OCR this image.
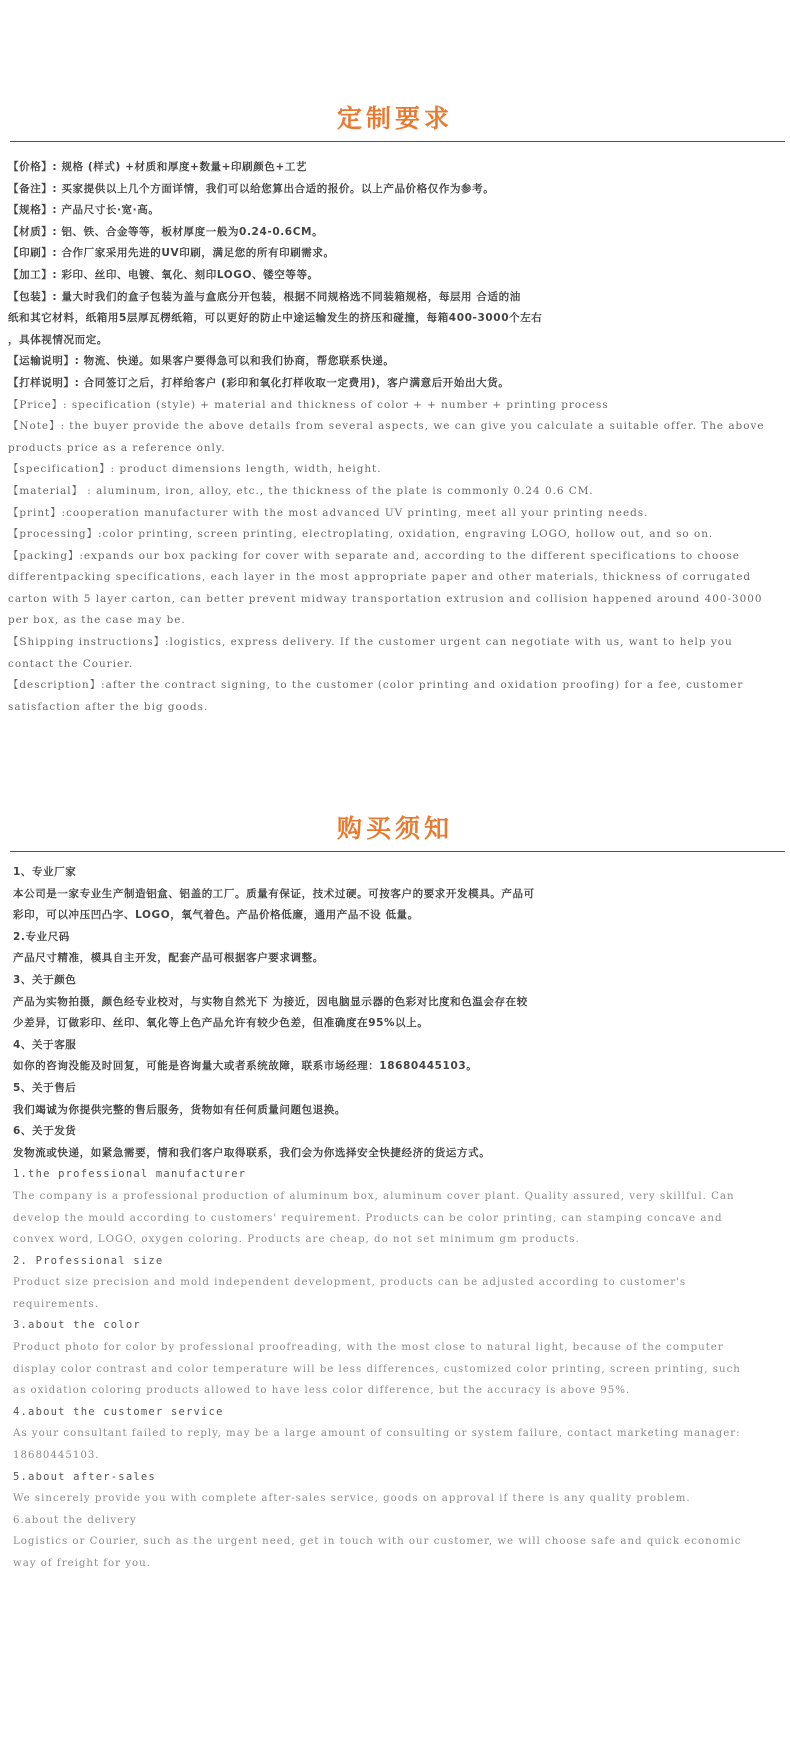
定制要求
【价格】: 规格 (样式) +材质和厚度+数量+印刷颜色+工艺
【备注】: 买家提供以上几个方面详情，我们可以给您算出合适的报价。以上产品价格仅作为参考。
【规格】: 产品尺寸长·宽·高。
【材质】: 铝、铁、合金等等，板材厚度一般为0.24-0.6CM。
【印刷】: 合作厂家采用先进的UV印刷，满足您的所有印刷需求。
【加工】: 彩印、丝印、电镀、氧化、刻印LOGO、镂空等等。
【包装】: 量大时我们的盒子包装为盖与盒底分开包装，根据不同规格选不同装箱规格，每层用 合适的油
纸和其它材料，纸箱用5层厚瓦楞纸箱，可以更好的防止中途运输发生的挤压和碰撞，每箱400-3000个左右
，具体视情况而定。
【运输说明】: 物流、快递。如果客户要得急可以和我们协商，帮您联系快递。
【打样说明】: 合同签订之后，打样给客户 (彩印和氧化打样收取一定费用)，客户满意后开始出大货。
【Price】: specification (style) + material and thickness of color + + number + printing process
【Note】: the buyer provide the above details from several aspects, we can give you calculate a suitable offer. The above
products price as a reference only.
【specification】: product dimensions length, width, height.
【material】 : aluminum, iron, alloy, etc., the thickness of the plate is commonly 0.24 0.6 CM.
【print】:cooperation manufacturer with the most advanced UV printing, meet all your printing needs.
【processing】:color printing, screen printing, electroplating, oxidation, engraving LOGO, hollow out, and so on.
【packing】:expands our box packing for cover with separate and, according to the different specifications to choose
differentpacking specifications, each layer in the most appropriate paper and other materials, thickness of corrugated
carton with 5 layer carton, can better prevent midway transportation extrusion and collision happened around 400-3000
per box, as the case may be.
【Shipping instructions】:logistics, express delivery. If the customer urgent can negotiate with us, want to help you
contact the Courier.
【description】:after the contract signing, to the customer (color printing and oxidation proofing) for a fee, customer
satisfaction after the big goods.
购买须知
1、专业厂家
本公司是一家专业生产制造铝盒、铝盖的工厂。质量有保证，技术过硬。可按客户的要求开发模具。产品可
彩印，可以冲压凹凸字、LOGO，氧气着色。产品价格低廉，通用产品不设 低量。
2.专业尺码
产品尺寸精准，模具自主开发，配套产品可根据客户要求调整。
3、关于颜色
产品为实物拍摄，颜色经专业校对，与实物自然光下 为接近，因电脑显示器的色彩对比度和色温会存在较
少差异，订做彩印、丝印、氧化等上色产品允许有较少色差，但准确度在95%以上。
4、关于客服
如你的咨询没能及时回复，可能是咨询量大或者系统故障，联系市场经理：18680445103。
5、关于售后
我们竭诚为你提供完整的售后服务，货物如有任何质量问题包退换。
6、关于发货
发物流或快递，如紧急需要，情和我们客户取得联系，我们会为你选择安全快捷经济的货运方式。
1.the professional manufacturer
The company is a professional production of aluminum box, aluminum cover plant. Quality assured, very skillful. Can
develop the mould according to customers' requirement. Products can be color printing, can stamping concave and
convex word, LOGO, oxygen coloring. Products are cheap, do not set minimum gm products.
2. Professional size
Product size precision and mold independent development, products can be adjusted according to customer's
requirements.
3.about the color
Product photo for color by professional proofreading, with the most close to natural light, because of the computer
display color contrast and color temperature will be less differences, customized color printing, screen printing, such
as oxidation coloring products allowed to have less color difference, but the accuracy is above 95%.
4.about the customer service
As your consultant failed to reply, may be a large amount of consulting or system failure, contact marketing manager:
18680445103.
5.about after-sales
We sincerely provide you with complete after-sales service, goods on approval if there is any quality problem.
6.about the delivery
Logistics or Courier, such as the urgent need, get in touch with our customer, we will choose safe and quick economic
way of freight for you.
